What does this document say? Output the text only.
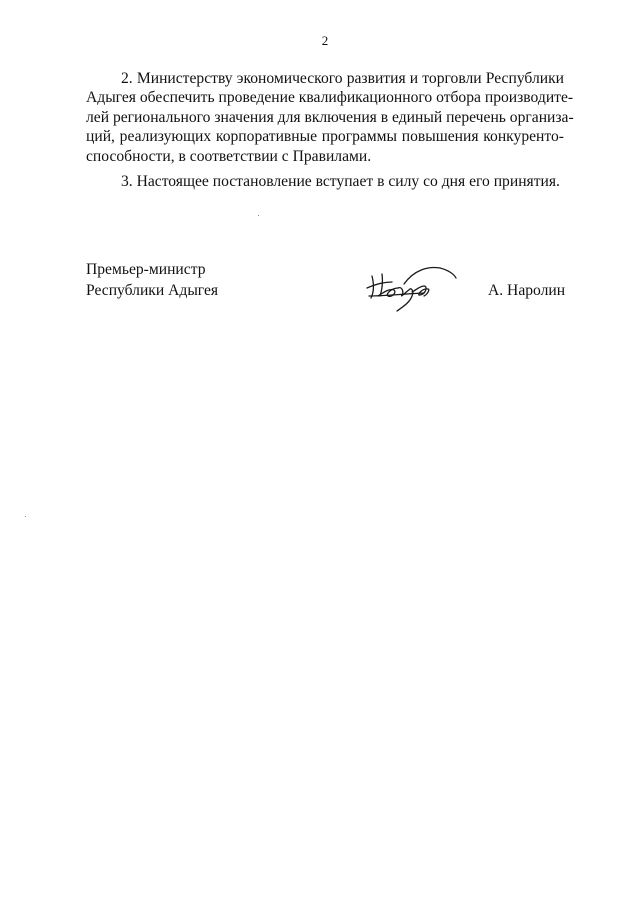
2
2. Министерству экономического развития и торговли Республики
Адыгея обеспечить проведение квалификационного отбора производите-
лей регионального значения для включения в единый перечень организа-
ций, реализующих корпоративные программы повышения конкуренто-
способности, в соответствии с Правилами.
3. Настоящее постановление вступает в силу со дня его принятия.
Премьер-министр
Республики Адыгея	А. Наролин
